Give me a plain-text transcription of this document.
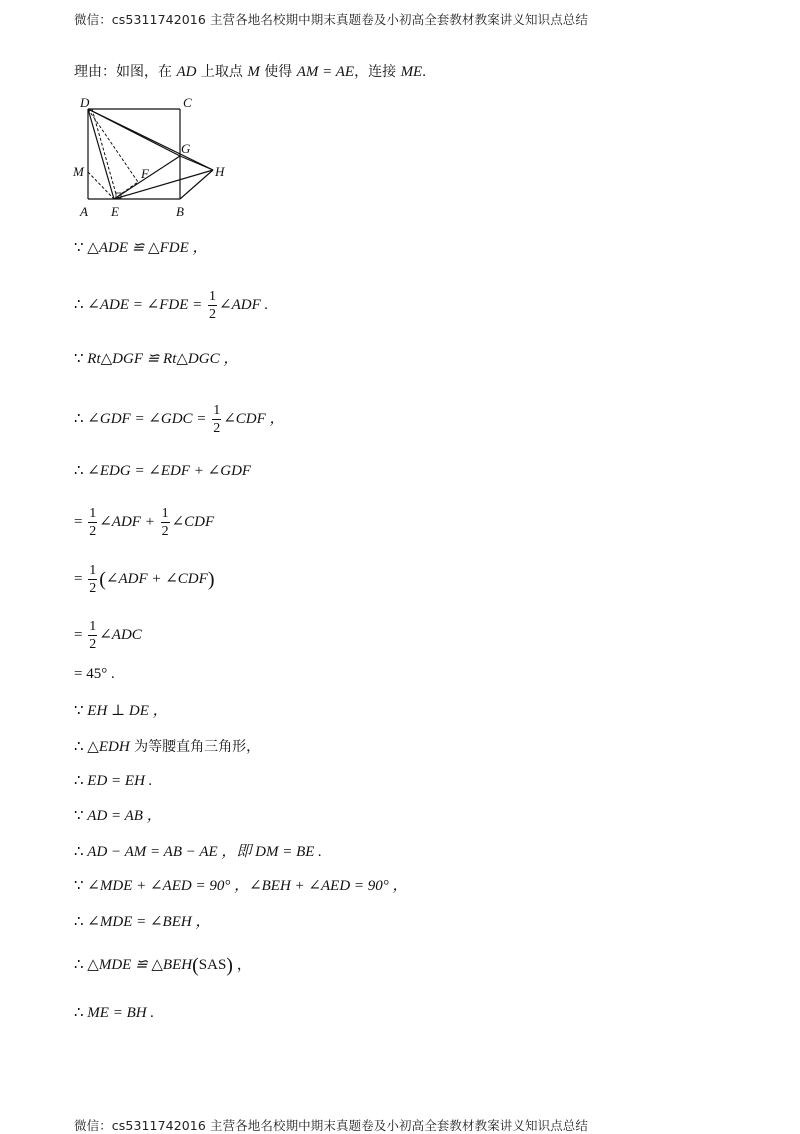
微信：cs5311742016 主营各地名校期中期末真题卷及小初高全套教材教案讲义知识点总结
理由：如图，在 AD 上取点 M 使得 AM = AE，连接 ME.
D	C
G
M	F	H
A E	B
∵ △ADE ≌ △FDE ，
∴ ∠ADE = ∠FDE = $\frac{1}{2}$ ∠ADF .
∵ Rt△DGF ≌ Rt△DGC ，
∴ ∠GDF = ∠GDC = $\frac{1}{2}$ ∠CDF ，
∴ ∠EDG = ∠EDF + ∠GDF
= $\frac{1}{2}$ ∠ADF + $\frac{1}{2}$ ∠CDF
= $\frac{1}{2}$ (∠ADF + ∠CDF)
= $\frac{1}{2}$ ∠ADC
= 45° .
∵ EH ⊥ DE ，
∴ △EDH 为等腰直角三角形，
∴ ED = EH .
∵ AD = AB ，
∴ AD − AM = AB − AE ，即 DM = BE .
∵ ∠MDE + ∠AED = 90° ，∠BEH + ∠AED = 90° ，
∴ ∠MDE = ∠BEH ，
∴ △MDE ≌ △BEH(SAS) ，
∴ ME = BH .
微信：cs5311742016 主营各地名校期中期末真题卷及小初高全套教材教案讲义知识点总结
